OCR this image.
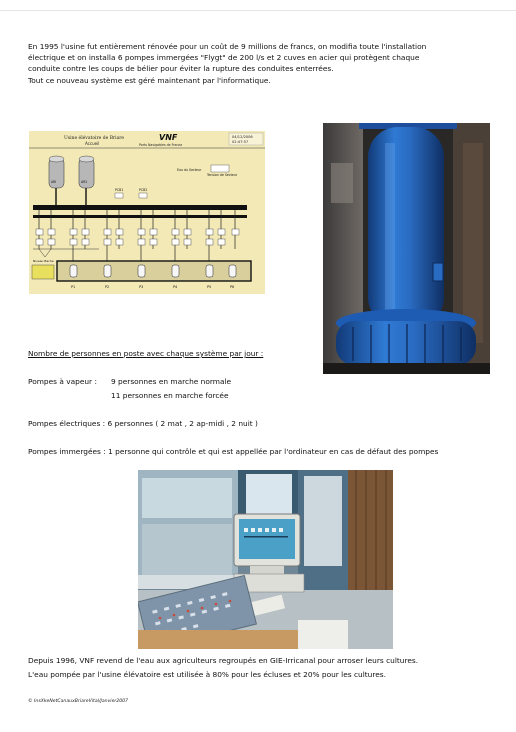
En 1995 l'usine fut entièrement rénovée pour un coût de 9 millions de francs, on modifia toute l'installation
électrique et on installa 6 pompes immergées "Flygt" de 200 l/s et 2 cuves en acier qui protègent chaque
conduite contre les coups de bélier pour éviter la rupture des conduites enterrées.
Tout ce nouveau système est géré maintenant par l'informatique.
Usine élévatoire de Briare
Accueil
VNF
Ports Navigables de France
04/12/2006
02:47:57
ARI	AR2
PCB1	PCB2
Eau du Secteur
Tension de Secteur
Niveau Bache
P1	P2	P3	P4	P5	P6
Nombre de personnes en poste avec chaque système par jour :
Pompes à vapeur : 9 personnes en marche normale
11 personnes en marche forcée
Pompes électriques : 6 personnes ( 2 mat , 2 ap-midi , 2 nuit )
Pompes immergées : 1 personne qui contrôle et qui est appellée par l'ordinateur en cas de défaut des pompes
Depuis 1996, VNF revend de l'eau aux agriculteurs regroupés en GIE-Irricanal pour arroser leurs cultures.
L'eau pompée par l'usine élévatoire est utilisée à 80% pour les écluses et 20% pour les cultures.
© InsXkeNetCanauxBriareVital/Janvier2007
